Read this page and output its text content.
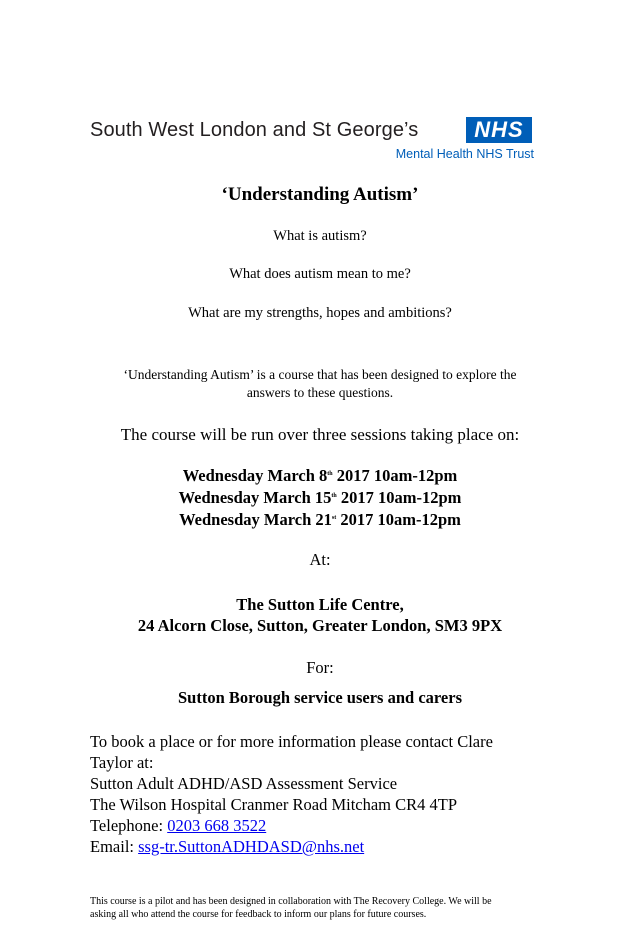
South West London and St George’s	NHS
Mental Health NHS Trust
‘Understanding Autism’
What is autism?
What does autism mean to me?
What are my strengths, hopes and ambitions?
‘Understanding Autism’ is a course that has been designed to explore the
answers to these questions.
The course will be run over three sessions taking place on:
Wednesday March 8th 2017 10am-12pm
Wednesday March 15th 2017 10am-12pm
Wednesday March 21st 2017 10am-12pm
At:
The Sutton Life Centre,
24 Alcorn Close, Sutton, Greater London, SM3 9PX
For:
Sutton Borough service users and carers
To book a place or for more information please contact Clare
Taylor at:
Sutton Adult ADHD/ASD Assessment Service
The Wilson Hospital Cranmer Road Mitcham CR4 4TP
Telephone: 0203 668 3522
Email: ssg-tr.SuttonADHDASD@nhs.net
This course is a pilot and has been designed in collaboration with The Recovery College. We will be
asking all who attend the course for feedback to inform our plans for future courses.
